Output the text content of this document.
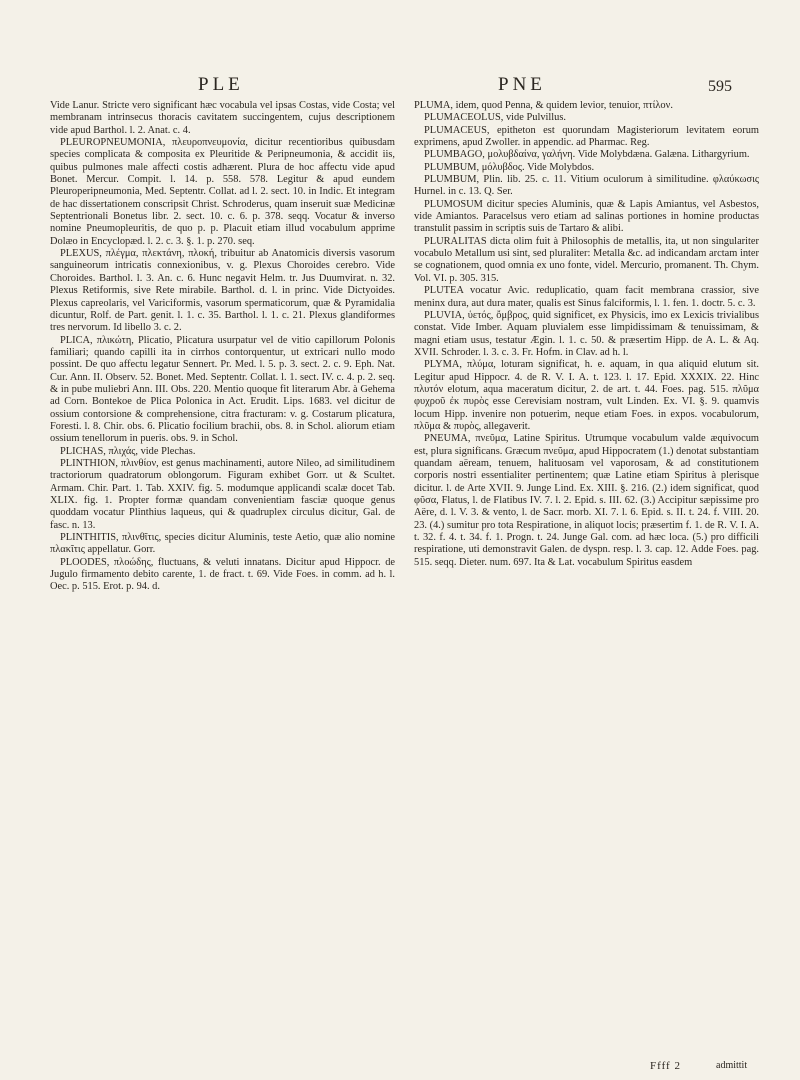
PLE	PNE	595

Vide Lanur. Stricte vero significant hæc vocabula vel ipsas Costas, vide Costa; vel membranam intrinsecus thoracis cavitatem succingentem, cujus descriptionem vide apud Barthol. l. 2. Anat. c. 4.

PLEUROPNEUMONIA, πλευροπνευμονία, dicitur recentioribus quibusdam species complicata & composita ex Pleuritide & Peripneumonia, & accidit iis, quibus pulmones male affecti costis adhærent. Plura de hoc affectu vide apud Bonet. Mercur. Compit. l. 14. p. 558. 578. Legitur & apud eundem Pleuroperipneumonia, Med. Septentr. Collat. ad l. 2. sect. 10. in Indic. Et integram de hac dissertationem conscripsit Christ. Schroderus, quam inseruit suæ Medicinæ Septentrionali Bonetus libr. 2. sect. 10. c. 6. p. 378. seqq. Vocatur & inverso nomine Pneumopleuritis, de quo p. p. Placuit etiam illud vocabulum apprime Dolæo in Encyclopæd. l. 2. c. 3. §. 1. p. 270. seq.

PLEXUS, πλέγμα, πλεκτάνη, πλοκή, tribuitur ab Anatomicis diversis vasorum sanguineorum intricatis connexionibus, v. g. Plexus Choroides cerebro. Vide Choroides. Barthol. l. 3. An. c. 6. Hunc negavit Helm. tr. Jus Duumvirat. n. 32. Plexus Retiformis, sive Rete mirabile. Barthol. d. l. in princ. Vide Dictyoides. Plexus capreolaris, vel Variciformis, vasorum spermaticorum, quæ & Pyramidalia dicuntur, Rolf. de Part. genit. l. 1. c. 35. Barthol. l. 1. c. 21. Plexus glandiformes tres nervorum. Id libello 3. c. 2.

PLICA, πλικώτη, Plicatio, Plicatura usurpatur vel de vitio capillorum Polonis familiari; quando capilli ita in cirrhos contorquentur, ut extricari nullo modo possint. De quo affectu legatur Sennert. Pr. Med. l. 5. p. 3. sect. 2. c. 9. Eph. Nat. Cur. Ann. II. Observ. 52. Bonet. Med. Septentr. Collat. l. 1. sect. IV. c. 4. p. 2. seq. & in pube muliebri Ann. III. Obs. 220. Mentio quoque fit literarum Abr. à Gehema ad Corn. Bontekoe de Plica Polonica in Act. Erudit. Lips. 1683. vel dicitur de ossium contorsione & comprehensione, citra fracturam: v. g. Costarum plicatura, Foresti. l. 8. Chir. obs. 6. Plicatio focilium brachii, obs. 8. in Schol. aliorum etiam ossium tenellorum in pueris. obs. 9. in Schol.

PLICHAS, πλιχάς, vide Plechas.

PLINTHION, πλινθίον, est genus machinamenti, autore Nileo, ad similitudinem tractoriorum quadratorum oblongorum. Figuram exhibet Gorr. ut & Scultet. Armam. Chir. Part. 1. Tab. XXIV. fig. 5. modumque applicandi scalæ docet Tab. XLIX. fig. 1. Propter formæ quandam convenientiam fasciæ quoque genus quoddam vocatur Plinthius laqueus, qui & quadruplex circulus dicitur, Gal. de fasc. n. 13.

PLINTHITIS, πλινθῖτις, species dicitur Aluminis, teste Aetio, quæ alio nomine πλακῖτις appellatur. Gorr.

PLOODES, πλοώδης, fluctuans, & veluti innatans. Dicitur apud Hippocr. de Jugulo firmamento debito carente, 1. de fract. t. 69. Vide Foes. in comm. ad h. l. Oec. p. 515. Erot. p. 94. d.

PLUMA, idem, quod Penna, & quidem levior, tenuior, πτίλον.

PLUMACEOLUS, vide Pulvillus.

PLUMACEUS, epitheton est quorundam Magisteriorum levitatem eorum exprimens, apud Zwoller. in appendic. ad Pharmac. Reg.

PLUMBAGO, μολυβδαίνα, γαλήνη. Vide Molybdæna. Galæna. Lithargyrium.

PLUMBUM, μόλυβδος. Vide Molybdos.

PLUMBUM, Plin. lib. 25. c. 11. Vitium oculorum à similitudine. φλαύκωσις Hurnel. in c. 13. Q. Ser.

PLUMOSUM dicitur species Aluminis, quæ & Lapis Amiantus, vel Asbestos, vide Amiantos. Paracelsus vero etiam ad salinas portiones in homine productas transtulit passim in scriptis suis de Tartaro & alibi.

PLURALITAS dicta olim fuit à Philosophis de metallis, ita, ut non singulariter vocabulo Metallum usi sint, sed pluraliter: Metalla &c. ad indicandam arctam inter se cognationem, quod omnia ex uno fonte, videl. Mercurio, promanent. Th. Chym. Vol. VI. p. 305. 315.

PLUTEA vocatur Avic. reduplicatio, quam facit membrana crassior, sive meninx dura, aut dura mater, qualis est Sinus falciformis, l. 1. fen. 1. doctr. 5. c. 3.

PLUVIA, ὑετός, ὄμβρος, quid significet, ex Physicis, imo ex Lexicis trivialibus constat. Vide Imber. Aquam pluvialem esse limpidissimam & tenuissimam, & magni etiam usus, testatur Ægin. l. 1. c. 50. & præsertim Hipp. de A. L. & Aq. XVII. Schroder. l. 3. c. 3. Fr. Hofm. in Clav. ad h. l.

PLYMA, πλύμα, loturam significat, h. e. aquam, in qua aliquid elutum sit. Legitur apud Hippocr. 4. de R. V. I. A. t. 123. l. 17. Epid. XXXIX. 22. Hinc πλυτόν elotum, aqua maceratum dicitur, 2. de art. t. 44. Foes. pag. 515. πλῦμα φυχροῦ ἐκ πυρὸς esse Cerevisiam nostram, vult Linden. Ex. VI. §. 9. quamvis locum Hipp. invenire non potuerim, neque etiam Foes. in expos. vocabulorum, πλῦμα & πυρὸς, allegaverit.

PNEUMA, πνεῦμα, Latine Spiritus. Utrumque vocabulum valde æquivocum est, plura significans. Græcum πνεῦμα, apud Hippocratem (1.) denotat substantiam quandam aëream, tenuem, halituosam vel vaporosam, & ad constitutionem corporis nostri essentialiter pertinentem; quæ Latine etiam Spiritus à plerisque dicitur. l. de Arte XVII. 9. Junge Lind. Ex. XIII. §. 216. (2.) idem significat, quod φῦσα, Flatus, l. de Flatibus IV. 7. l. 2. Epid. s. III. 62. (3.) Accipitur sæpissime pro Aëre, d. l. V. 3. & vento, l. de Sacr. morb. XI. 7. l. 6. Epid. s. II. t. 24. f. VIII. 20. 23. (4.) sumitur pro tota Respiratione, in aliquot locis; præsertim f. 1. de R. V. I. A. t. 32. f. 4. t. 34. f. 1. Progn. t. 24. Junge Gal. com. ad hæc loca. (5.) pro difficili respiratione, uti demonstravit Galen. de dyspn. resp. l. 3. cap. 12. Adde Foes. pag. 515. seqq. Dieter. num. 697. Ita & Lat. vocabulum Spiritus easdem

Ffff 2	admittit
